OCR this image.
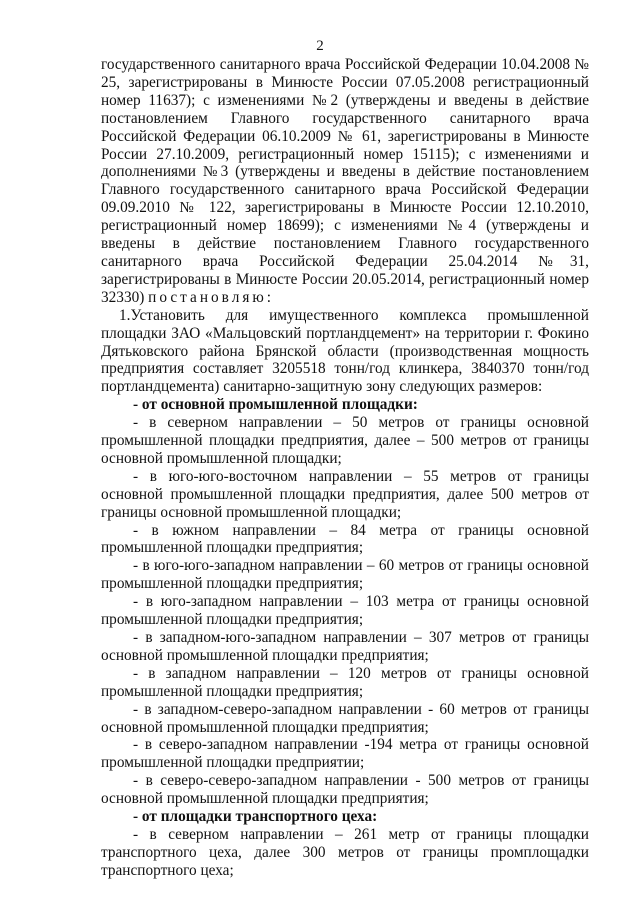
2

государственного санитарного врача Российской Федерации 10.04.2008 № 25, зарегистрированы в Минюсте России 07.05.2008 регистрационный номер 11637); с изменениями №2 (утверждены и введены в действие постановлением Главного государственного санитарного врача Российской Федерации 06.10.2009 № 61, зарегистрированы в Минюсте России 27.10.2009, регистрационный номер 15115); с изменениями и дополнениями №3 (утверждены и введены в действие постановлением Главного государственного санитарного врача Российской Федерации 09.09.2010 № 122, зарегистрированы в Минюсте России 12.10.2010, регистрационный номер 18699); с изменениями №4 (утверждены и введены в действие постановлением Главного государственного санитарного врача Российской Федерации 25.04.2014 №31, зарегистрированы в Минюсте России 20.05.2014, регистрационный номер 32330) постановляю:

1.Установить для имущественного комплекса промышленной площадки ЗАО «Мальцовский портландцемент» на территории г. Фокино Дятьковского района Брянской области (производственная мощность предприятия составляет 3205518 тонн/год клинкера, 3840370 тонн/год портландцемента) санитарно-защитную зону следующих размеров:

- от основной промышленной площадки:

- в северном направлении – 50 метров от границы основной промышленной площадки предприятия, далее – 500 метров от границы основной промышленной площадки;

- в юго-юго-восточном направлении – 55 метров от границы основной промышленной площадки предприятия, далее 500 метров от границы основной промышленной площадки;

- в южном направлении – 84 метра от границы основной промышленной площадки предприятия;

- в юго-юго-западном направлении – 60 метров от границы основной промышленной площадки предприятия;

- в юго-западном направлении – 103 метра от границы основной промышленной площадки предприятия;

- в западном-юго-западном направлении – 307 метров от границы основной промышленной площадки предприятия;

- в западном направлении – 120 метров от границы основной промышленной площадки предприятия;

- в западном-северо-западном направлении - 60 метров от границы основной промышленной площадки предприятия;

- в северо-западном направлении -194 метра от границы основной промышленной площадки предприятии;

- в северо-северо-западном направлении - 500 метров от границы основной промышленной площадки предприятия;

- от площадки транспортного цеха:

- в северном направлении – 261 метр от границы площадки транспортного цеха, далее 300 метров от границы промплощадки транспортного цеха;
